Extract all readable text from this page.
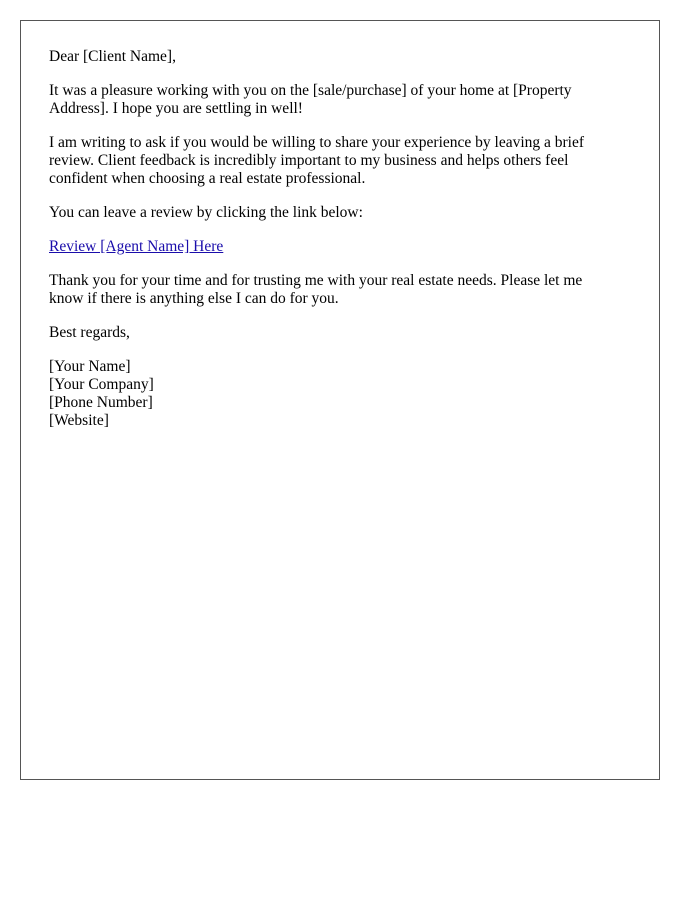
Dear [Client Name],

It was a pleasure working with you on the [sale/purchase] of your home at [Property Address]. I hope you are settling in well!

I am writing to ask if you would be willing to share your experience by leaving a brief review. Client feedback is incredibly important to my business and helps others feel confident when choosing a real estate professional.

You can leave a review by clicking the link below:

Review [Agent Name] Here

Thank you for your time and for trusting me with your real estate needs. Please let me know if there is anything else I can do for you.

Best regards,

[Your Name]
[Your Company]
[Phone Number]
[Website]
